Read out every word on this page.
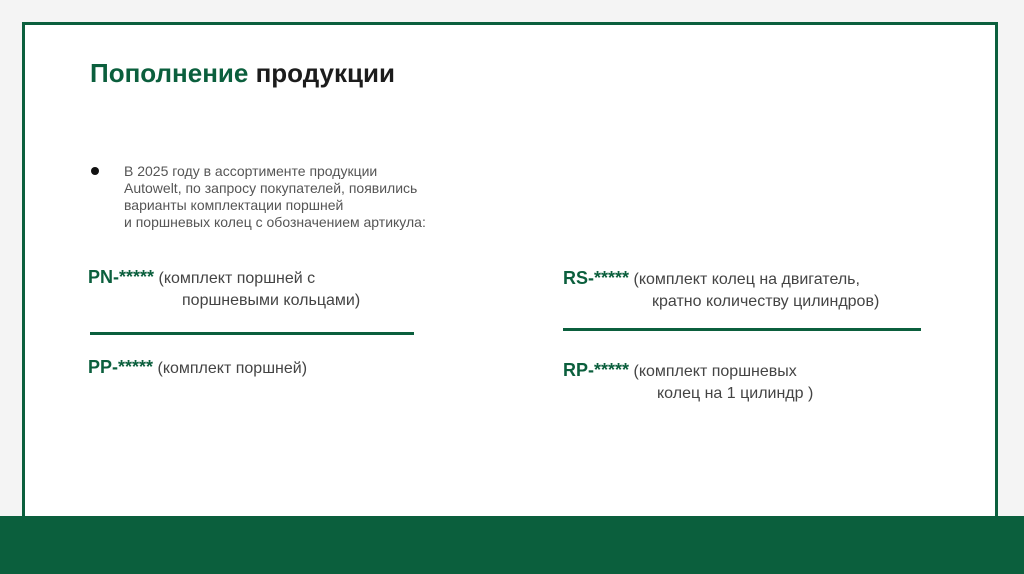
Пополнение продукции
В 2025 году в ассортименте продукции
Autowelt, по запросу покупателей, появились
варианты комплектации поршней
и поршневых колец с обозначением артикула:
PN-***** (комплект поршней с
поршневыми кольцами)
PP-***** (комплект поршней)
RS-***** (комплект колец на двигатель,
кратно количеству цилиндров)
RP-***** (комплект поршневых
колец на 1 цилиндр )
